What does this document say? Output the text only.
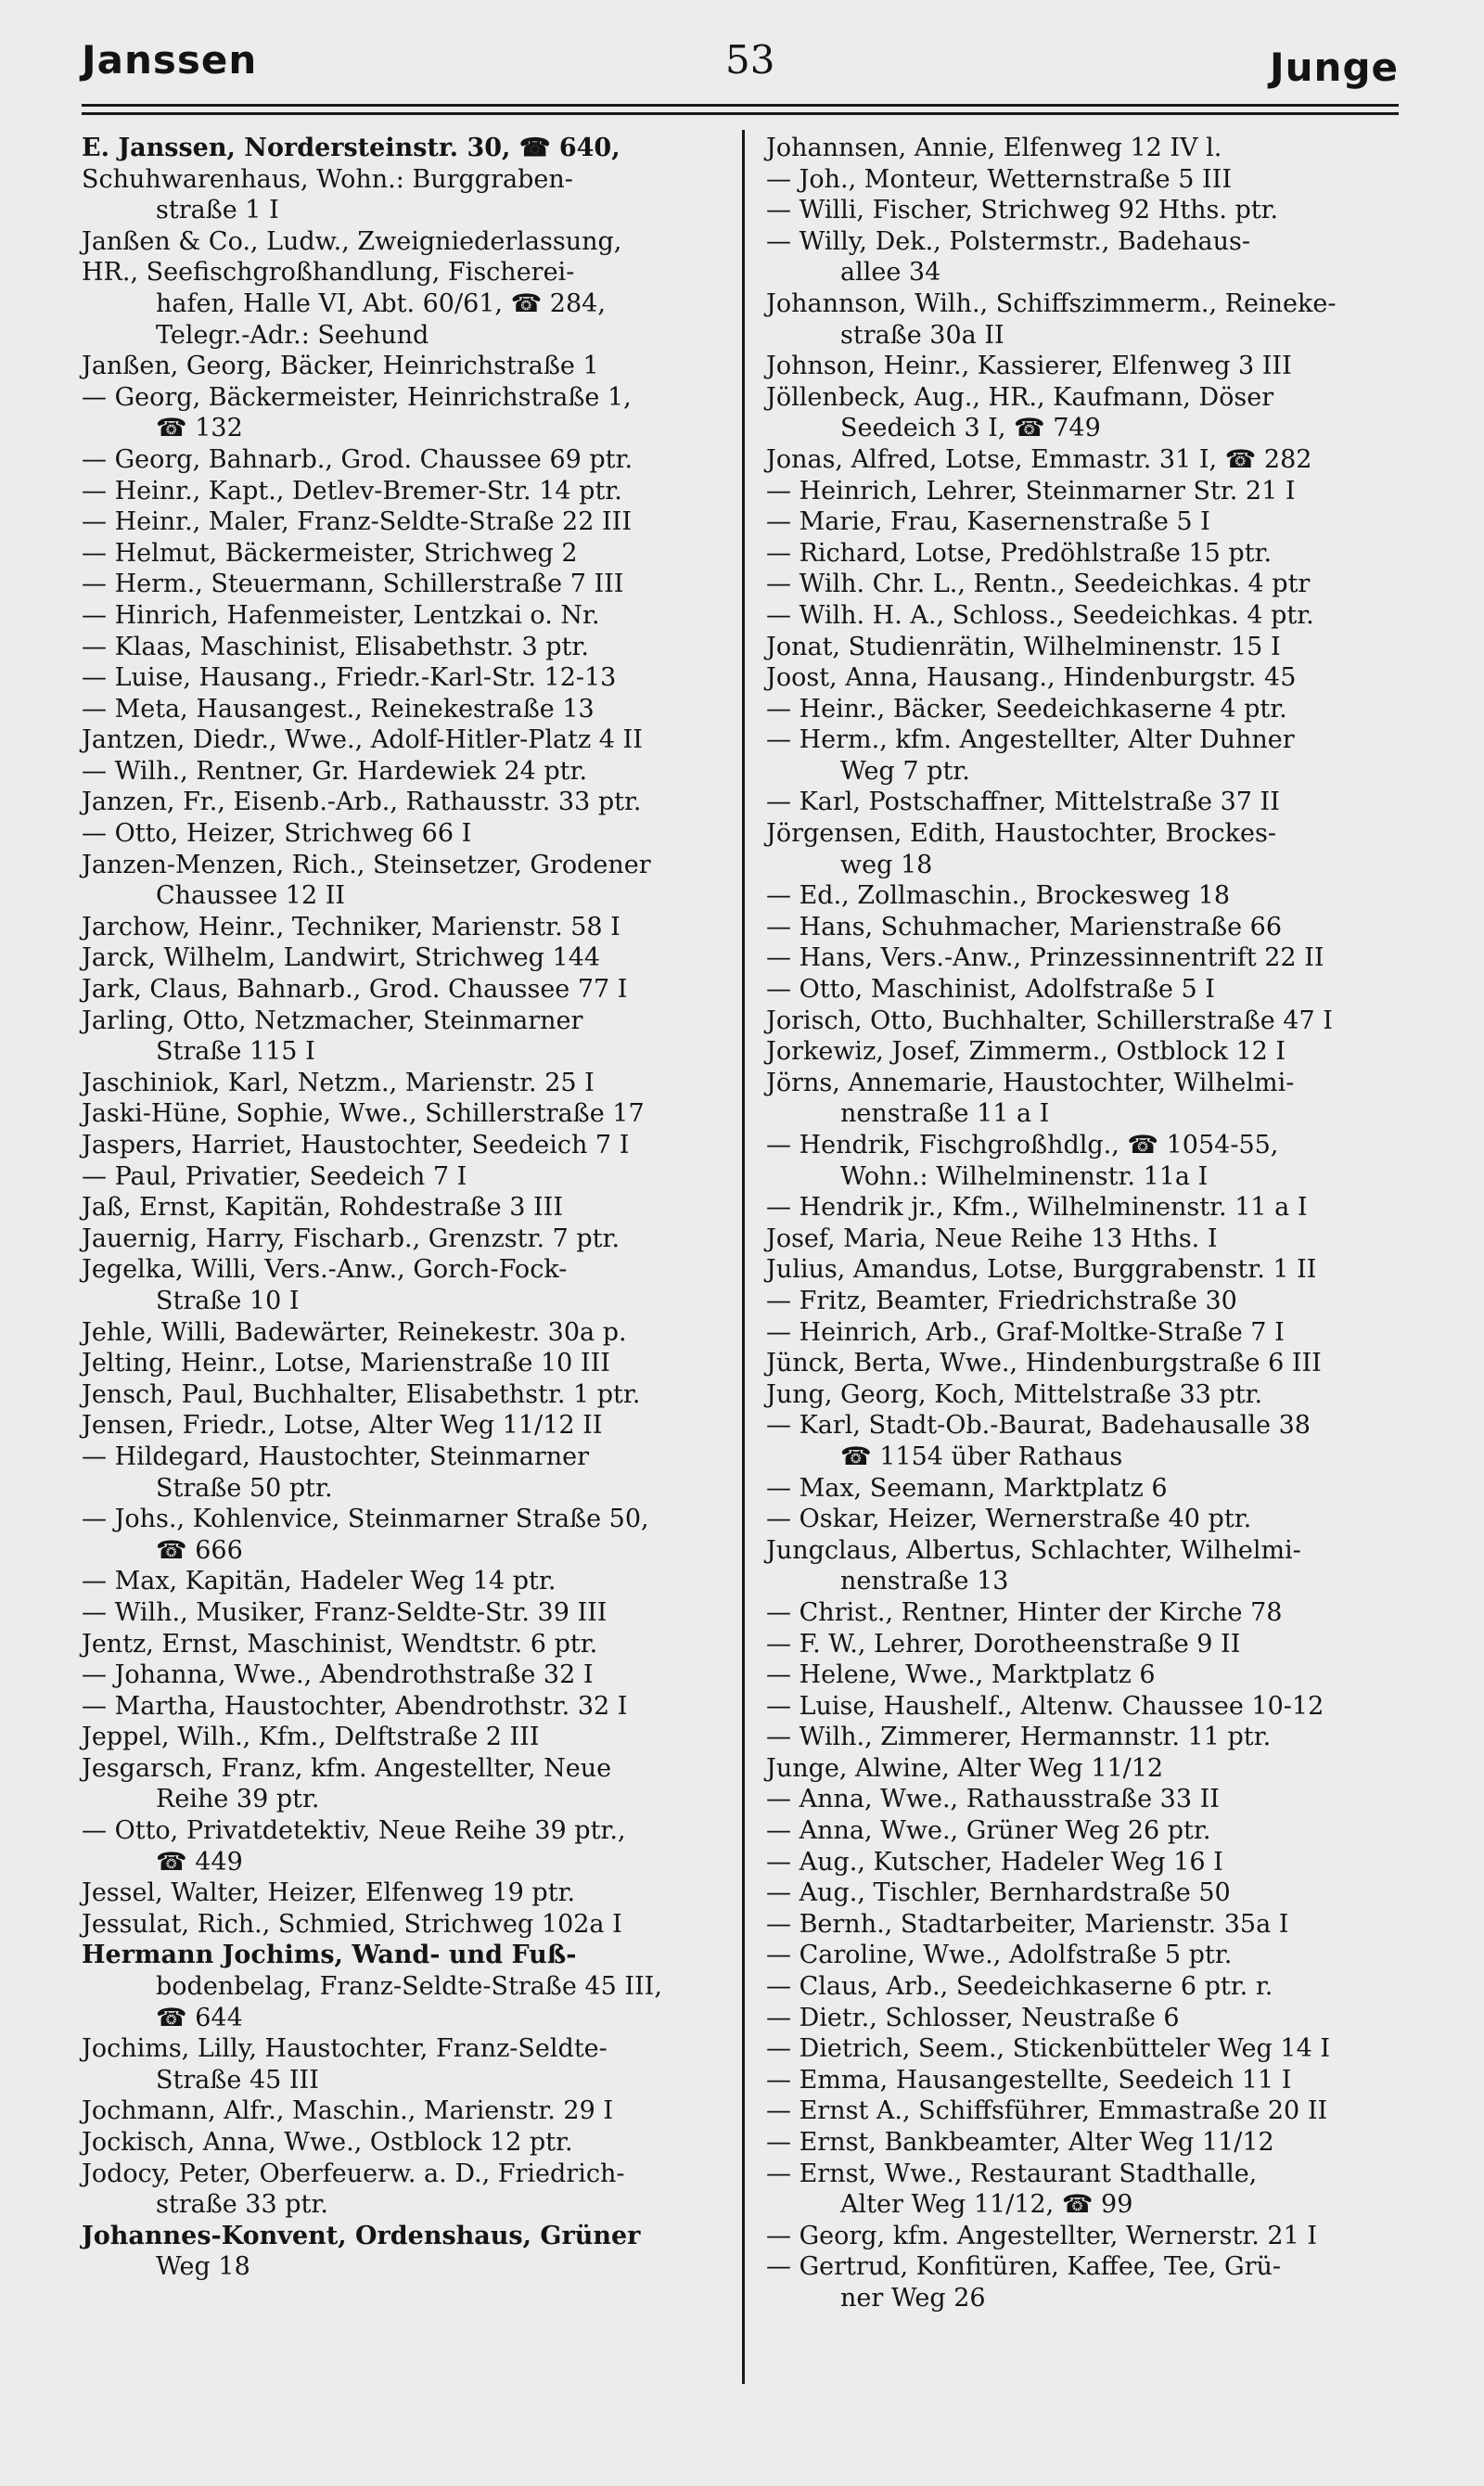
Janssen	53	Junge
E. Janssen, Nordersteinstr. 30, ☎ 640,
Schuhwarenhaus, Wohn.: Burggraben-
straße 1 I
Janßen & Co., Ludw., Zweigniederlassung,
HR., Seefischgroßhandlung, Fischerei-
hafen, Halle VI, Abt. 60/61, ☎ 284,
Telegr.-Adr.: Seehund
Janßen, Georg, Bäcker, Heinrichstraße 1
— Georg, Bäckermeister, Heinrichstraße 1,
☎ 132
— Georg, Bahnarb., Grod. Chaussee 69 ptr.
— Heinr., Kapt., Detlev-Bremer-Str. 14 ptr.
— Heinr., Maler, Franz-Seldte-Straße 22 III
— Helmut, Bäckermeister, Strichweg 2
— Herm., Steuermann, Schillerstraße 7 III
— Hinrich, Hafenmeister, Lentzkai o. Nr.
— Klaas, Maschinist, Elisabethstr. 3 ptr.
— Luise, Hausang., Friedr.-Karl-Str. 12-13
— Meta, Hausangest., Reinekestraße 13
Jantzen, Diedr., Wwe., Adolf-Hitler-Platz 4 II
— Wilh., Rentner, Gr. Hardewiek 24 ptr.
Janzen, Fr., Eisenb.-Arb., Rathausstr. 33 ptr.
— Otto, Heizer, Strichweg 66 I
Janzen-Menzen, Rich., Steinsetzer, Grodener
Chaussee 12 II
Jarchow, Heinr., Techniker, Marienstr. 58 I
Jarck, Wilhelm, Landwirt, Strichweg 144
Jark, Claus, Bahnarb., Grod. Chaussee 77 I
Jarling, Otto, Netzmacher, Steinmarner
Straße 115 I
Jaschiniok, Karl, Netzm., Marienstr. 25 I
Jaski-Hüne, Sophie, Wwe., Schillerstraße 17
Jaspers, Harriet, Haustochter, Seedeich 7 I
— Paul, Privatier, Seedeich 7 I
Jaß, Ernst, Kapitän, Rohdestraße 3 III
Jauernig, Harry, Fischarb., Grenzstr. 7 ptr.
Jegelka, Willi, Vers.-Anw., Gorch-Fock-
Straße 10 I
Jehle, Willi, Badewärter, Reinekestr. 30a p.
Jelting, Heinr., Lotse, Marienstraße 10 III
Jensch, Paul, Buchhalter, Elisabethstr. 1 ptr.
Jensen, Friedr., Lotse, Alter Weg 11/12 II
— Hildegard, Haustochter, Steinmarner
Straße 50 ptr.
— Johs., Kohlenvice, Steinmarner Straße 50,
☎ 666
— Max, Kapitän, Hadeler Weg 14 ptr.
— Wilh., Musiker, Franz-Seldte-Str. 39 III
Jentz, Ernst, Maschinist, Wendtstr. 6 ptr.
— Johanna, Wwe., Abendrothstraße 32 I
— Martha, Haustochter, Abendrothstr. 32 I
Jeppel, Wilh., Kfm., Delftstraße 2 III
Jesgarsch, Franz, kfm. Angestellter, Neue
Reihe 39 ptr.
— Otto, Privatdetektiv, Neue Reihe 39 ptr.,
☎ 449
Jessel, Walter, Heizer, Elfenweg 19 ptr.
Jessulat, Rich., Schmied, Strichweg 102a I
Hermann Jochims, Wand- und Fuß-
bodenbelag, Franz-Seldte-Straße 45 III,
☎ 644
Jochims, Lilly, Haustochter, Franz-Seldte-
Straße 45 III
Jochmann, Alfr., Maschin., Marienstr. 29 I
Jockisch, Anna, Wwe., Ostblock 12 ptr.
Jodocy, Peter, Oberfeuerw. a. D., Friedrich-
straße 33 ptr.
Johannes-Konvent, Ordenshaus, Grüner
Weg 18
Johannsen, Annie, Elfenweg 12 IV l.
— Joh., Monteur, Wetternstraße 5 III
— Willi, Fischer, Strichweg 92 Hths. ptr.
— Willy, Dek., Polstermstr., Badehaus-
allee 34
Johannson, Wilh., Schiffszimmerm., Reineke-
straße 30a II
Johnson, Heinr., Kassierer, Elfenweg 3 III
Jöllenbeck, Aug., HR., Kaufmann, Döser
Seedeich 3 I, ☎ 749
Jonas, Alfred, Lotse, Emmastr. 31 I, ☎ 282
— Heinrich, Lehrer, Steinmarner Str. 21 I
— Marie, Frau, Kasernenstraße 5 I
— Richard, Lotse, Predöhlstraße 15 ptr.
— Wilh. Chr. L., Rentn., Seedeichkas. 4 ptr
— Wilh. H. A., Schloss., Seedeichkas. 4 ptr.
Jonat, Studienrätin, Wilhelminenstr. 15 I
Joost, Anna, Hausang., Hindenburgstr. 45
— Heinr., Bäcker, Seedeichkaserne 4 ptr.
— Herm., kfm. Angestellter, Alter Duhner
Weg 7 ptr.
— Karl, Postschaffner, Mittelstraße 37 II
Jörgensen, Edith, Haustochter, Brockes-
weg 18
— Ed., Zollmaschin., Brockesweg 18
— Hans, Schuhmacher, Marienstraße 66
— Hans, Vers.-Anw., Prinzessinnentrift 22 II
— Otto, Maschinist, Adolfstraße 5 I
Jorisch, Otto, Buchhalter, Schillerstraße 47 I
Jorkewiz, Josef, Zimmerm., Ostblock 12 I
Jörns, Annemarie, Haustochter, Wilhelmi-
nenstraße 11 a I
— Hendrik, Fischgroßhdlg., ☎ 1054-55,
Wohn.: Wilhelminenstr. 11a I
— Hendrik jr., Kfm., Wilhelminenstr. 11 a I
Josef, Maria, Neue Reihe 13 Hths. I
Julius, Amandus, Lotse, Burggrabenstr. 1 II
— Fritz, Beamter, Friedrichstraße 30
— Heinrich, Arb., Graf-Moltke-Straße 7 I
Jünck, Berta, Wwe., Hindenburgstraße 6 III
Jung, Georg, Koch, Mittelstraße 33 ptr.
— Karl, Stadt-Ob.-Baurat, Badehausalle 38
☎ 1154 über Rathaus
— Max, Seemann, Marktplatz 6
— Oskar, Heizer, Wernerstraße 40 ptr.
Jungclaus, Albertus, Schlachter, Wilhelmi-
nenstraße 13
— Christ., Rentner, Hinter der Kirche 78
— F. W., Lehrer, Dorotheenstraße 9 II
— Helene, Wwe., Marktplatz 6
— Luise, Haushelf., Altenw. Chaussee 10-12
— Wilh., Zimmerer, Hermannstr. 11 ptr.
Junge, Alwine, Alter Weg 11/12
— Anna, Wwe., Rathausstraße 33 II
— Anna, Wwe., Grüner Weg 26 ptr.
— Aug., Kutscher, Hadeler Weg 16 I
— Aug., Tischler, Bernhardstraße 50
— Bernh., Stadtarbeiter, Marienstr. 35a I
— Caroline, Wwe., Adolfstraße 5 ptr.
— Claus, Arb., Seedeichkaserne 6 ptr. r.
— Dietr., Schlosser, Neustraße 6
— Dietrich, Seem., Stickenbütteler Weg 14 I
— Emma, Hausangestellte, Seedeich 11 I
— Ernst A., Schiffsführer, Emmastraße 20 II
— Ernst, Bankbeamter, Alter Weg 11/12
— Ernst, Wwe., Restaurant Stadthalle,
Alter Weg 11/12, ☎ 99
— Georg, kfm. Angestellter, Wernerstr. 21 I
— Gertrud, Konfitüren, Kaffee, Tee, Grü-
ner Weg 26
